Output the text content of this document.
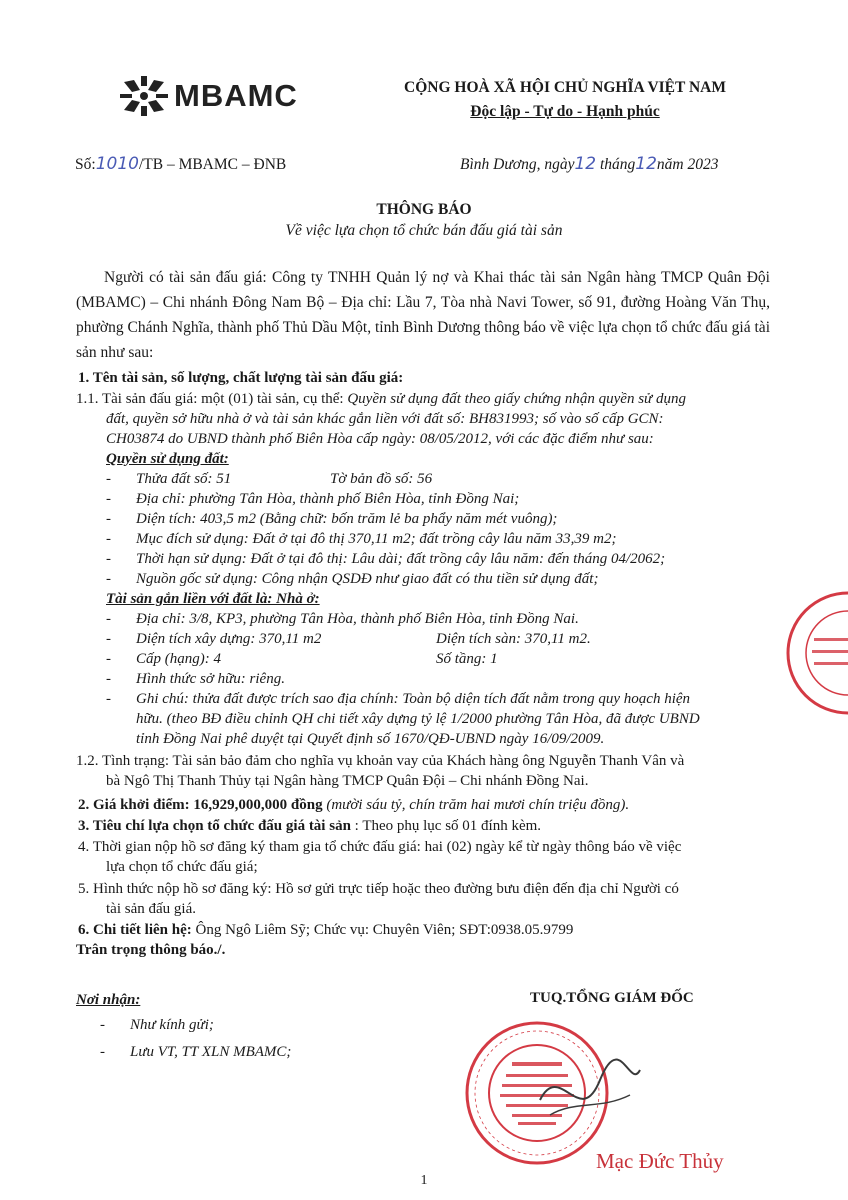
MBAMC	CỘNG HOÀ XÃ HỘI CHỦ NGHĨA VIỆT NAM
Độc lập - Tự do - Hạnh phúc
Số:1010/TB – MBAMC – ĐNB	Bình Dương, ngày12 tháng12năm 2023
THÔNG BÁO
Về việc lựa chọn tổ chức bán đấu giá tài sản
Người có tài sản đấu giá: Công ty TNHH Quản lý nợ và Khai thác tài sản Ngân hàng TMCP Quân Đội (MBAMC) – Chi nhánh Đông Nam Bộ – Địa chỉ: Lầu 7, Tòa nhà Navi Tower, số 91, đường Hoàng Văn Thụ, phường Chánh Nghĩa, thành phố Thủ Dầu Một, tỉnh Bình Dương thông báo về việc lựa chọn tổ chức đấu giá tài sản như sau:
1. Tên tài sản, số lượng, chất lượng tài sản đấu giá:
1.1. Tài sản đấu giá: một (01) tài sản, cụ thể: Quyền sử dụng đất theo giấy chứng nhận quyền sử dụng
đất, quyền sở hữu nhà ở và tài sản khác gắn liền với đất số: BH831993; số vào số cấp GCN:
CH03874 do UBND thành phố Biên Hòa cấp ngày: 08/05/2012, với các đặc điểm như sau:
Quyền sử dụng đất:
- Thửa đất số: 51	Tờ bản đồ số: 56
- Địa chỉ: phường Tân Hòa, thành phố Biên Hòa, tỉnh Đồng Nai;
- Diện tích: 403,5 m2 (Bằng chữ: bốn trăm lẻ ba phẩy năm mét vuông);
- Mục đích sử dụng: Đất ở tại đô thị 370,11 m2; đất trồng cây lâu năm 33,39 m2;
- Thời hạn sử dụng: Đất ở tại đô thị: Lâu dài; đất trồng cây lâu năm: đến tháng 04/2062;
- Nguồn gốc sử dụng: Công nhận QSDĐ như giao đất có thu tiền sử dụng đất;
Tài sản gắn liền với đất là: Nhà ở:
- Địa chỉ: 3/8, KP3, phường Tân Hòa, thành phố Biên Hòa, tỉnh Đồng Nai.
- Diện tích xây dựng: 370,11 m2	Diện tích sàn: 370,11 m2.
- Cấp (hạng): 4	Số tầng: 1
- Hình thức sở hữu: riêng.
- Ghi chú: thửa đất được trích sao địa chính: Toàn bộ diện tích đất nằm trong quy hoạch hiện
hữu. (theo BĐ điều chỉnh QH chi tiết xây dựng tỷ lệ 1/2000 phường Tân Hòa, đã được UBND
tỉnh Đồng Nai phê duyệt tại Quyết định số 1670/QĐ-UBND ngày 16/09/2009.
1.2. Tình trạng: Tài sản bảo đảm cho nghĩa vụ khoản vay của Khách hàng ông Nguyễn Thanh Vân và
bà Ngô Thị Thanh Thủy tại Ngân hàng TMCP Quân Đội – Chi nhánh Đồng Nai.
2. Giá khởi điểm: 16,929,000,000 đồng (mười sáu tỷ, chín trăm hai mươi chín triệu đồng).
3. Tiêu chí lựa chọn tổ chức đấu giá tài sản : Theo phụ lục số 01 đính kèm.
4. Thời gian nộp hồ sơ đăng ký tham gia tổ chức đấu giá: hai (02) ngày kể từ ngày thông báo về việc
lựa chọn tổ chức đấu giá;
5. Hình thức nộp hồ sơ đăng ký: Hồ sơ gửi trực tiếp hoặc theo đường bưu điện đến địa chỉ Người có
tài sản đấu giá.
6. Chi tiết liên hệ: Ông Ngô Liêm Sỹ; Chức vụ: Chuyên Viên; SĐT:0938.05.9799
Trân trọng thông báo./.
Nơi nhận:
- Như kính gửi;
- Lưu VT, TT XLN MBAMC;
TUQ.TỔNG GIÁM ĐỐC
Mạc Đức Thủy
1
